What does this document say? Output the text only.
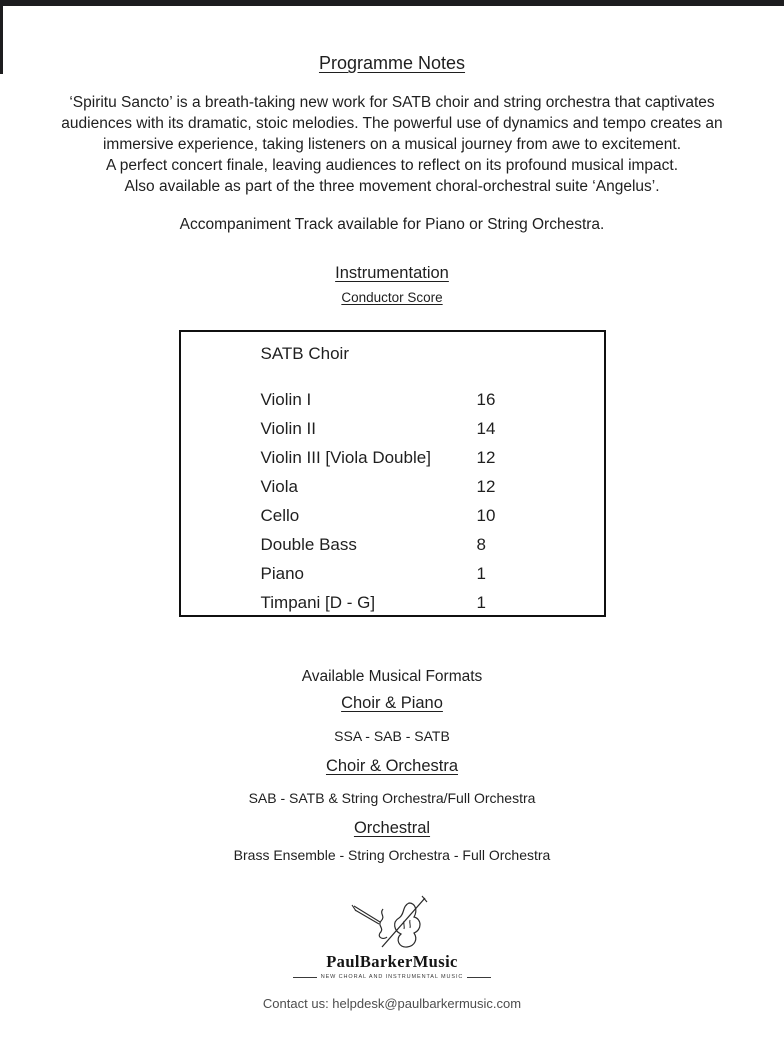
Programme Notes
‘Spiritu Sancto’ is a breath-taking new work for SATB choir and string orchestra that captivates
audiences with its dramatic, stoic melodies. The powerful use of dynamics and tempo creates an
immersive experience, taking listeners on a musical journey from awe to excitement.
A perfect concert finale, leaving audiences to reflect on its profound musical impact.
Also available as part of the three movement choral-orchestral suite ‘Angelus’.
Accompaniment Track available for Piano or String Orchestra.
Instrumentation
Conductor Score
SATB Choir
Violin I	16
Violin II	14
Violin III [Viola Double]	12
Viola	12
Cello	10
Double Bass	8
Piano	1
Timpani [D - G]	1
Available Musical Formats
Choir & Piano
SSA - SAB - SATB
Choir & Orchestra
SAB - SATB & String Orchestra/Full Orchestra
Orchestral
Brass Ensemble - String Orchestra - Full Orchestra
PaulBarkerMusic
NEW CHORAL AND INSTRUMENTAL MUSIC
Contact us: helpdesk@paulbarkermusic.com
